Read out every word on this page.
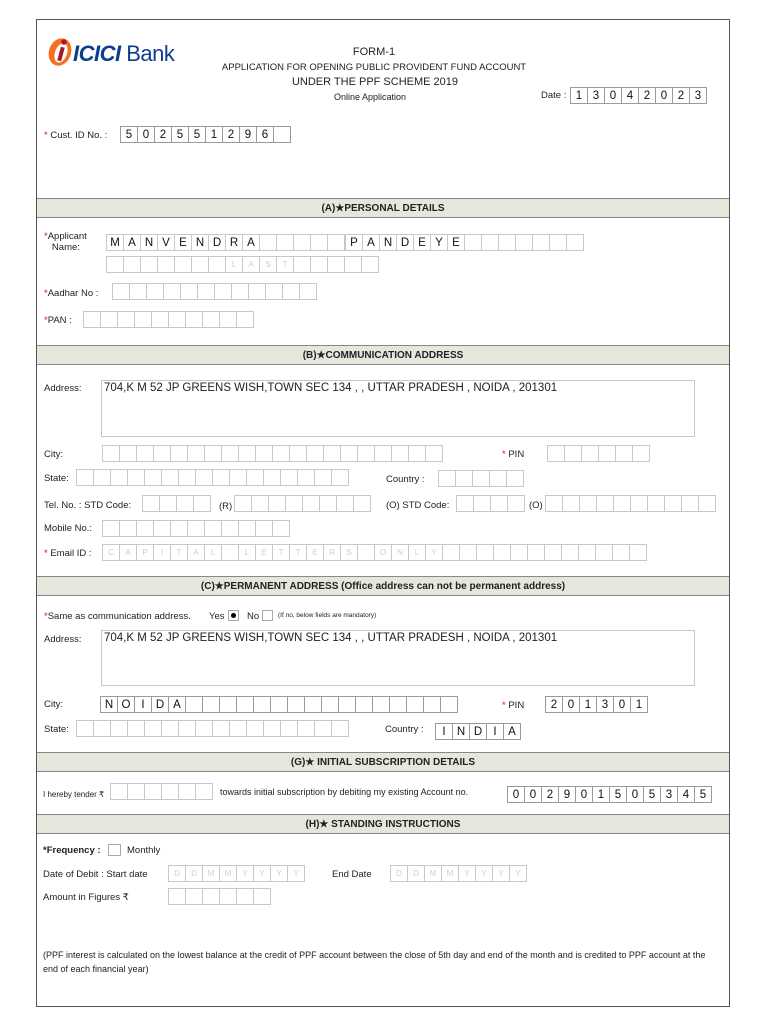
ICICI Bank	FORM-1
APPLICATION FOR OPENING PUBLIC PROVIDENT FUND ACCOUNT
UNDER THE PPF SCHEME 2019
Online Application	Date : 1 3 0 4 2 0 2 3
* Cust. ID No. :	5 0 2 5 5 1 2 9 6
(A)★PERSONAL DETAILS
*Applicant
Name:	M A N V E N D R A	P A N D E Y E
L	A	S	T
*Aadhar No :
*PAN :
(B)★COMMUNICATION ADDRESS
Address: 704,K M 52 JP GREENS WISH,TOWN SEC 134 , , UTTAR PRADESH , NOIDA , 201301
City:	* PIN
State:	Country :
Tel. No. : STD Code:	(R)	(O) STD Code:	(O)
Mobile No.:
* Email ID :	C	A	P	I	T	A	L	L	E	T	T	E	R	S	O	N	L	Y
(C)★PERMANENT ADDRESS (Office address can not be permanent address)
*Same as communication address. Yes No	(If no, below fields are mandatory)
Address: 704,K M 52 JP GREENS WISH,TOWN SEC 134 , , UTTAR PRADESH , NOIDA , 201301
City:	N O I D A	* PIN	2 0 1 3 0 1
State:	Country :	I N D I	A
(G)★ INITIAL SUBSCRIPTION DETAILS
I hereby tender ₹	towards initial subscription by debiting my existing Account no.	0 0 2 9 0 1 5 0 5 3 4 5
(H)★ STANDING INSTRUCTIONS
*Frequency :	Monthly
Date of Debit : Start date	D	D	M	M	Y	Y	Y	Y	End Date	D	D	M	M	Y	Y	Y	Y
Amount in Figures ₹
(PPF interest is calculated on the lowest balance at the credit of PPF account between the close of 5th day and end of the month and is credited to PPF account at the end of each financial year)
